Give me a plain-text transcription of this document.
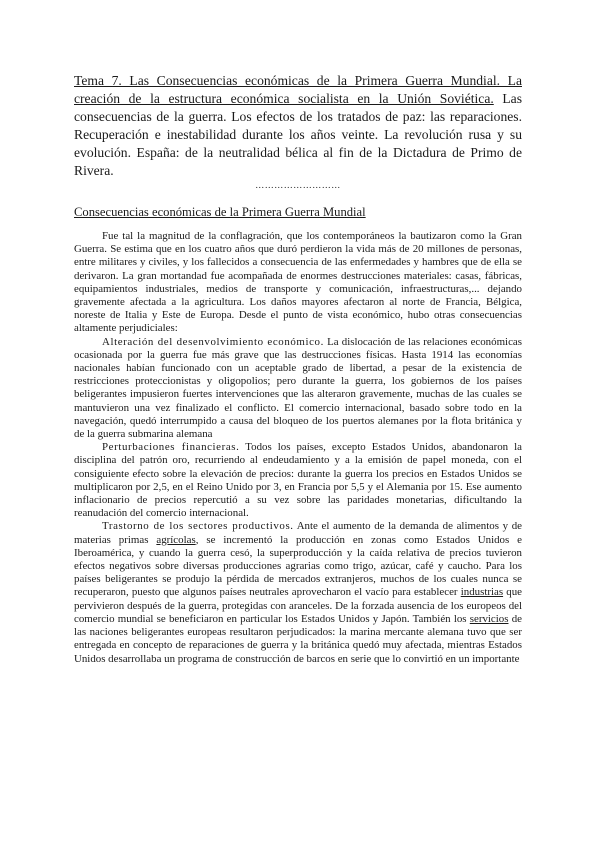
Tema 7. Las Consecuencias económicas de la Primera Guerra Mundial. La creación de la estructura económica socialista en la Unión Soviética. Las consecuencias de la guerra. Los efectos de los tratados de paz: las reparaciones. Recuperación e inestabilidad durante los años veinte. La revolución rusa y su evolución. España: de la neutralidad bélica al fin de la Dictadura de Primo de Rivera.

………………………
Consecuencias económicas de la Primera Guerra Mundial

Fue tal la magnitud de la conflagración, que los contemporáneos la bautizaron como la Gran Guerra. Se estima que en los cuatro años que duró perdieron la vida más de 20 millones de personas, entre militares y civiles, y los fallecidos a consecuencia de las enfermedades y hambres que de ella se derivaron. La gran mortandad fue acompañada de enormes destrucciones materiales: casas, fábricas, equipamientos industriales, medios de transporte y comunicación, infraestructuras,... dejando gravemente afectada a la agricultura. Los daños mayores afectaron al norte de Francia, Bélgica, noreste de Italia y Este de Europa. Desde el punto de vista económico, hubo otras consecuencias altamente perjudiciales:

Alteración del desenvolvimiento económico. La dislocación de las relaciones económicas ocasionada por la guerra fue más grave que las destrucciones físicas. Hasta 1914 las economías nacionales habían funcionado con un aceptable grado de libertad, a pesar de la existencia de restricciones proteccionistas y oligopolios; pero durante la guerra, los gobiernos de los países beligerantes impusieron fuertes intervenciones que las alteraron gravemente, muchas de las cuales se mantuvieron una vez finalizado el conflicto. El comercio internacional, basado sobre todo en la navegación, quedó interrumpido a causa del bloqueo de los puertos alemanes por la flota británica y de la guerra submarina alemana

Perturbaciones financieras. Todos los países, excepto Estados Unidos, abandonaron la disciplina del patrón oro, recurriendo al endeudamiento y a la emisión de papel moneda, con el consiguiente efecto sobre la elevación de precios: durante la guerra los precios en Estados Unidos se multiplicaron por 2,5, en el Reino Unido por 3, en Francia por 5,5 y el Alemania por 15. Ese aumento inflacionario de precios repercutió a su vez sobre las paridades monetarias, dificultando la reanudación del comercio internacional.

Trastorno de los sectores productivos. Ante el aumento de la demanda de alimentos y de materias primas agrícolas, se incrementó la producción en zonas como Estados Unidos e Iberoamérica, y cuando la guerra cesó, la superproducción y la caída relativa de precios tuvieron efectos negativos sobre diversas producciones agrarias como trigo, azúcar, café y caucho. Para los países beligerantes se produjo la pérdida de mercados extranjeros, muchos de los cuales nunca se recuperaron, puesto que algunos países neutrales aprovecharon el vacío para establecer industrias que pervivieron después de la guerra, protegidas con aranceles. De la forzada ausencia de los europeos del comercio mundial se beneficiaron en particular los Estados Unidos y Japón. También los servicios de las naciones beligerantes europeas resultaron perjudicados: la marina mercante alemana tuvo que ser entregada en concepto de reparaciones de guerra y la británica quedó muy afectada, mientras Estados Unidos desarrollaba un programa de construcción de barcos en serie que lo convirtió en un importante
